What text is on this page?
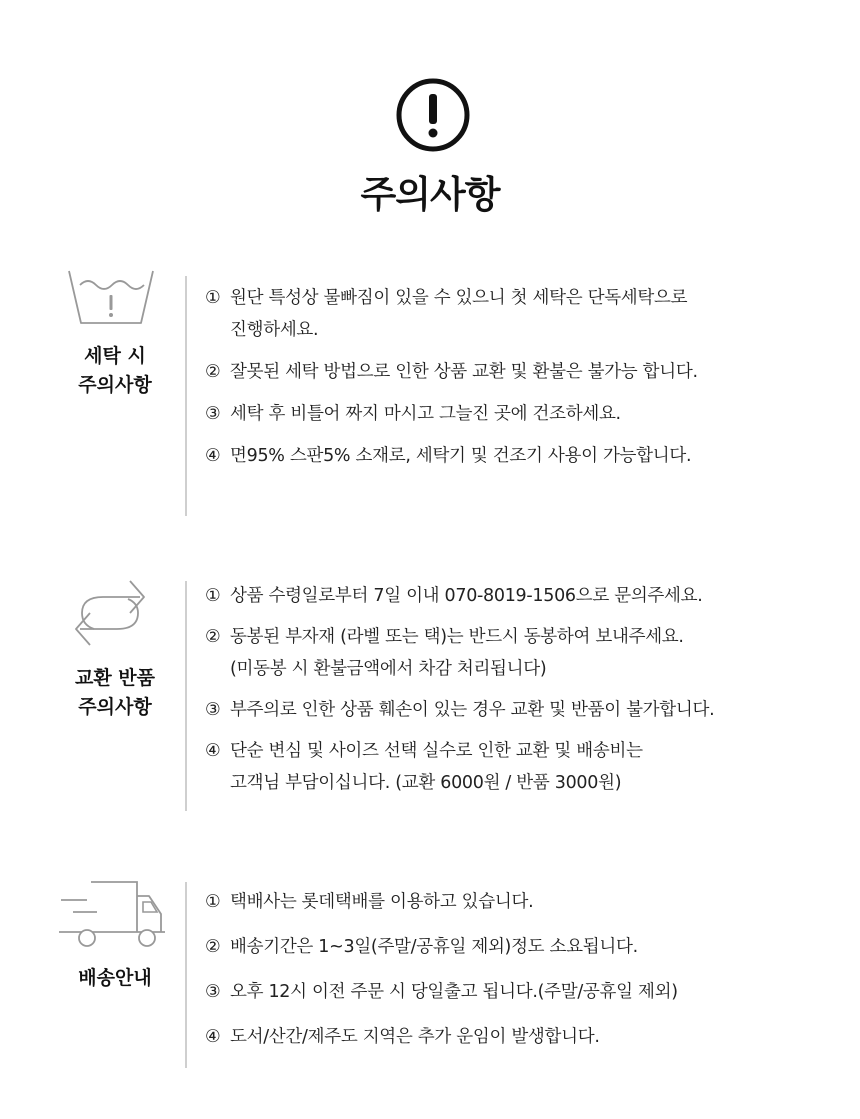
주의사항
세탁 시
주의사항
① 원단 특성상 물빠짐이 있을 수 있으니 첫 세탁은 단독세탁으로
진행하세요.
② 잘못된 세탁 방법으로 인한 상품 교환 및 환불은 불가능 합니다.
③ 세탁 후 비틀어 짜지 마시고 그늘진 곳에 건조하세요.
④ 면95% 스판5% 소재로, 세탁기 및 건조기 사용이 가능합니다.
교환 반품
주의사항
① 상품 수령일로부터 7일 이내 070-8019-1506으로 문의주세요.
② 동봉된 부자재 (라벨 또는 택)는 반드시 동봉하여 보내주세요.
(미동봉 시 환불금액에서 차감 처리됩니다)
③ 부주의로 인한 상품 훼손이 있는 경우 교환 및 반품이 불가합니다.
④ 단순 변심 및 사이즈 선택 실수로 인한 교환 및 배송비는
고객님 부담이십니다. (교환 6000원 / 반품 3000원)
배송안내
① 택배사는 롯데택배를 이용하고 있습니다.
② 배송기간은 1~3일(주말/공휴일 제외)정도 소요됩니다.
③ 오후 12시 이전 주문 시 당일출고 됩니다.(주말/공휴일 제외)
④ 도서/산간/제주도 지역은 추가 운임이 발생합니다.
